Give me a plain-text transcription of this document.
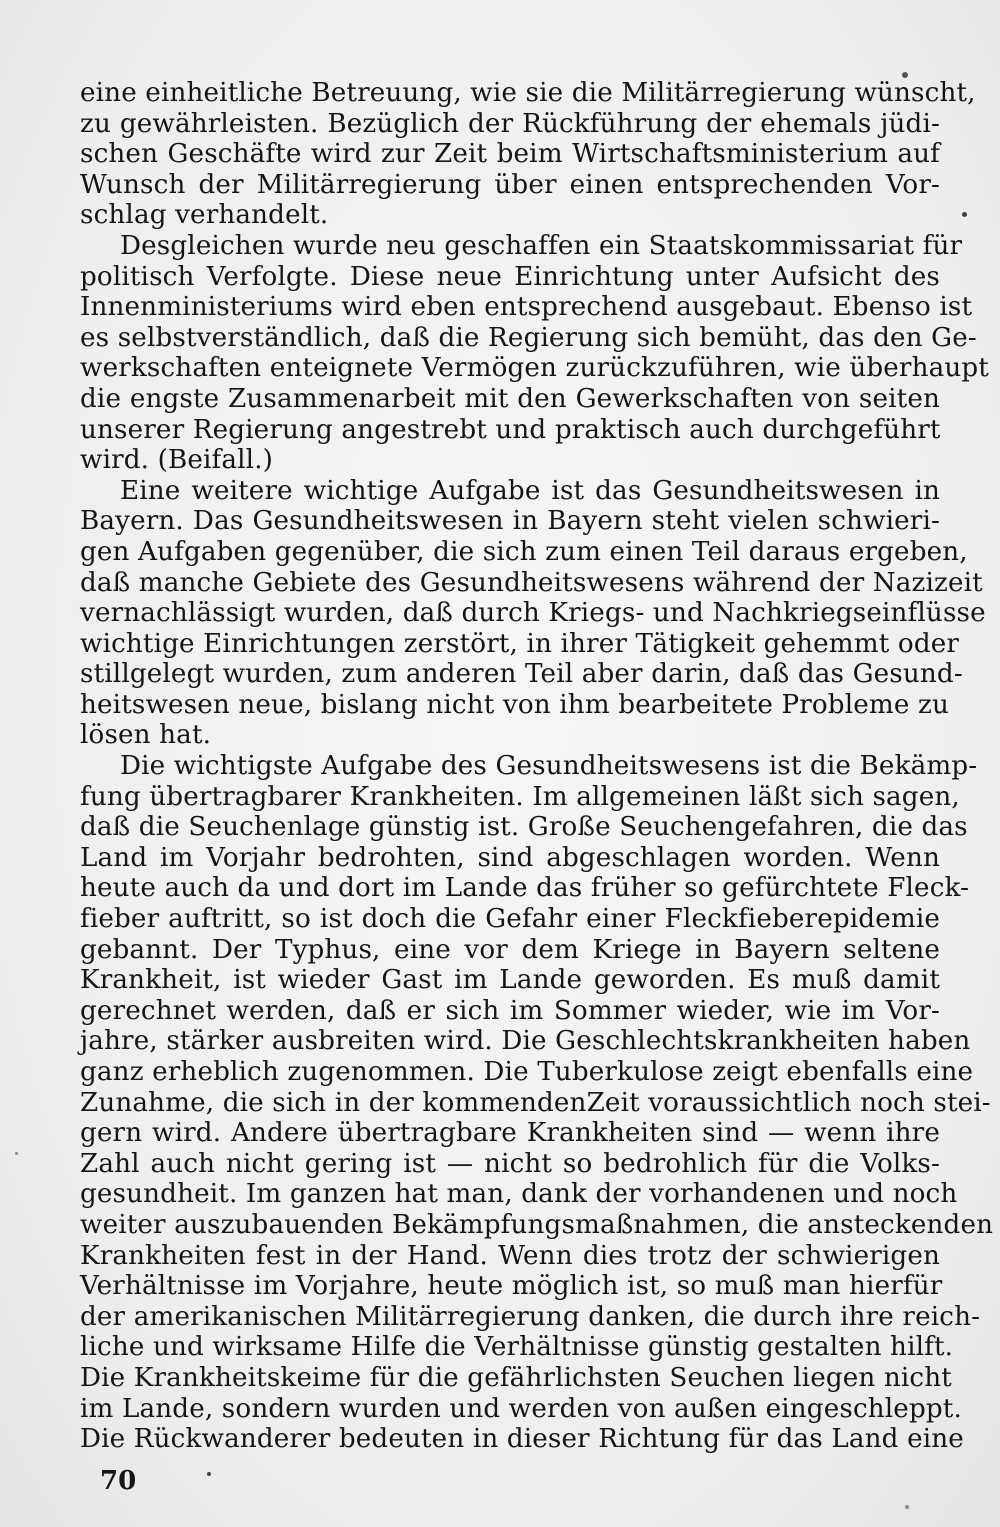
eine einheitliche Betreuung, wie sie die Militärregierung wünscht,
zu gewährleisten. Bezüglich der Rückführung der ehemals jüdi-
schen Geschäfte wird zur Zeit beim Wirtschaftsministerium auf
Wunsch der Militärregierung über einen entsprechenden Vor-
schlag verhandelt.

Desgleichen wurde neu geschaffen ein Staatskommissariat für
politisch Verfolgte. Diese neue Einrichtung unter Aufsicht des
Innenministeriums wird eben entsprechend ausgebaut. Ebenso ist
es selbstverständlich, daß die Regierung sich bemüht, das den Ge-
werkschaften enteignete Vermögen zurückzuführen, wie überhaupt
die engste Zusammenarbeit mit den Gewerkschaften von seiten
unserer Regierung angestrebt und praktisch auch durchgeführt
wird. (Beifall.)

Eine weitere wichtige Aufgabe ist das Gesundheitswesen in
Bayern. Das Gesundheitswesen in Bayern steht vielen schwieri-
gen Aufgaben gegenüber, die sich zum einen Teil daraus ergeben,
daß manche Gebiete des Gesundheitswesens während der Nazizeit
vernachlässigt wurden, daß durch Kriegs- und Nachkriegseinflüsse
wichtige Einrichtungen zerstört, in ihrer Tätigkeit gehemmt oder
stillgelegt wurden, zum anderen Teil aber darin, daß das Gesund-
heitswesen neue, bislang nicht von ihm bearbeitete Probleme zu
lösen hat.

Die wichtigste Aufgabe des Gesundheitswesens ist die Bekämp-
fung übertragbarer Krankheiten. Im allgemeinen läßt sich sagen,
daß die Seuchenlage günstig ist. Große Seuchengefahren, die das
Land im Vorjahr bedrohten, sind abgeschlagen worden. Wenn
heute auch da und dort im Lande das früher so gefürchtete Fleck-
fieber auftritt, so ist doch die Gefahr einer Fleckfieberepidemie
gebannt. Der Typhus, eine vor dem Kriege in Bayern seltene
Krankheit, ist wieder Gast im Lande geworden. Es muß damit
gerechnet werden, daß er sich im Sommer wieder, wie im Vor-
jahre, stärker ausbreiten wird. Die Geschlechtskrankheiten haben
ganz erheblich zugenommen. Die Tuberkulose zeigt ebenfalls eine
Zunahme, die sich in der kommendenZeit voraussichtlich noch stei-
gern wird. Andere übertragbare Krankheiten sind — wenn ihre
Zahl auch nicht gering ist — nicht so bedrohlich für die Volks-
gesundheit. Im ganzen hat man, dank der vorhandenen und noch
weiter auszubauenden Bekämpfungsmaßnahmen, die ansteckenden
Krankheiten fest in der Hand. Wenn dies trotz der schwierigen
Verhältnisse im Vorjahre, heute möglich ist, so muß man hierfür
der amerikanischen Militärregierung danken, die durch ihre reich-
liche und wirksame Hilfe die Verhältnisse günstig gestalten hilft.
Die Krankheitskeime für die gefährlichsten Seuchen liegen nicht
im Lande, sondern wurden und werden von außen eingeschleppt.
Die Rückwanderer bedeuten in dieser Richtung für das Land eine

70
